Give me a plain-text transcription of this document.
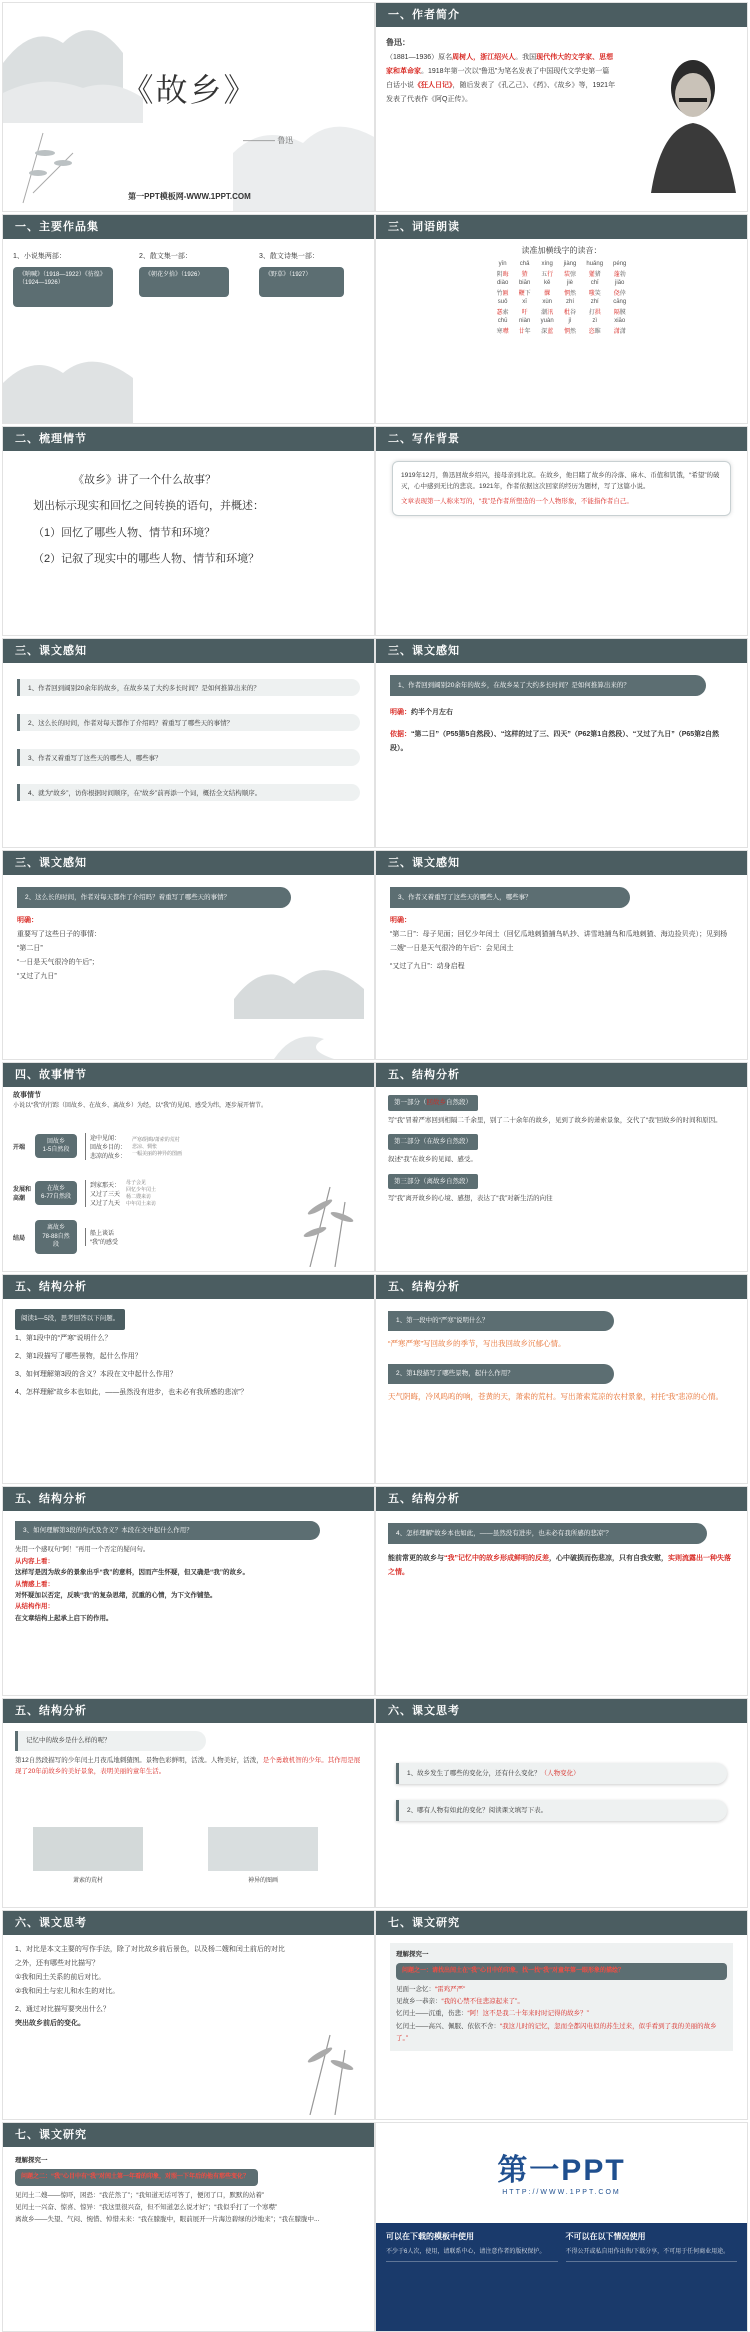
《故乡》
———— 鲁迅
第一PPT模板网-WWW.1PPT.COM
一、作者简介
鲁迅：
（1881—1936）原名周树人，浙江绍兴人。我国现代伟大的文学家、思想家和革命家。1918年第一次以“鲁迅”为笔名发表了中国现代文学史第一篇白话小说《狂人日记》，随后发表了《孔乙己》、《药》、《故乡》等，1921年发表了代表作《阿Q正传》。
一、主要作品集
1、小说集两部：
《呐喊》（1918—1922）《彷徨》（1924—1926）
2、散文集一部：
《朝花夕拾》（1926）
3、散文诗集一部：
《野草》（1927）
三、词语朗读
读准加横线字的读音：
yīn	chǎ	xíng	jiàng	huǎng	péng
阴晦	猹	五行	装弶	獾猪	蓬勃
diào	biān	kě	jiè	chī	jiǎo
竹匾	鞭下	髁	惘然	嗤笑	侥倖
suǒ	xī	xùn	zhí	zhí	cāng
瑟索	吁	潮汛	秕谷	打拱	隔膜
chū	niàn	yuàn	jì	zì	xiāo
寒噤	廿年	深蓝	惘然	恣睢	潇潇
二、梳理情节
《故乡》讲了一个什么故事？
划出标示现实和回忆之间转换的语句，并概述：
（1）回忆了哪些人物、情节和环境？
（2）记叙了现实中的哪些人物、情节和环境？
二、写作背景
1919年12月，鲁迅回故乡绍兴，接母亲到北京。在故乡，他目睹了故乡的冷落、麻木、币值和饥饿，“希望”的破灭，心中感到无比的悲哀。1921年，作者依据这次回家的经历为题材，写了这篇小说。
文章表现第一人称来写的，“我”是作者所塑造的一个人物形象，不能指作者自己。
三、课文感知
1、作者回到阔别20余年的故乡，在故乡呆了大约多长时间？是如何推算出来的？
2、这么长的时间，作者对每天都作了介绍吗？着重写了哪些天的事情？
3、作者又着重写了这些天的哪些人，哪些事？
4、就为“故乡”，访你根据时间顺序，在“故乡”前再添一个词，概括全文结构顺序。
三、课文感知
1、作者回到阔别20余年的故乡，在故乡呆了大约多长时间？是如何推算出来的？
明确：约半个月左右
依据：“第二日”（P55第5自然段）、“这样的过了三、四天”（P62第1自然段）、“又过了九日”（P65第2自然段）。
三、课文感知
2、这么长的时间，作者对每天都作了介绍吗？着重写了哪些天的事情？
明确：
重要写了这些日子的事情：
“第二日”
“一日是天气很冷的午后”；
“又过了九日”
三、课文感知
3、作者又着重写了这些天的哪些人，哪些事？
明确：
“第二日”：母子见面；回忆少年闰土（回忆瓜地刺猹捕鸟叭抄、讲雪地捕鸟和瓜地刺猹、海边捡贝壳）；见到杨二嫂“一日是天气很冷的午后”：会见闰土
“又过了九日”：动身启程
四、故事情节
故事情节
小说以“我”的行踪（回故乡、在故乡、离故乡）为经，以“我”的见闻、感受为纬，逐步展开情节。
开端
回故乡
1-5自然段
途中见闻：
回故乡目的：
悲凉的故乡：
严寒/阴晦/萧索的荒村
悲凉、惆怅
一幅美丽的神异的图画
发展和高潮
在故乡
6-77自然段
到家那天：
又过了三天
又过了九天
母子会见
回忆少年闰土
杨二嫂来访
中年闰土来访
结局
离故乡
78-88自然段
船上谈话
“我”的感受
五、结构分析
第一部分（回故乡自然段）
写“我”冒着严寒回到相隔二千余里，别了二十余年的故乡，见到了故乡的萧索景象，交代了“我”回故乡的时间和原因。
第二部分（在故乡自然段）
叙述“我”在故乡的见闻、感受。
第三部分（离故乡自然段）
写“我”离开故乡的心境、感想，表达了“我”对新生活的向往
五、结构分析
阅读1—5段，思考回答以下问题。
1、第1段中的“严寒”说明什么？
2、第1段描写了哪些景物，起什么作用？
3、如何理解第3段的含义？本段在文中起什么作用？
4、怎样理解“故乡本也如此，——虽然没有进步，也未必有我所感的悲凉”？
五、结构分析
1、第一段中的“严寒”说明什么？
“严寒严寒”写回故乡的季节，写出我回故乡沉郁心情。
2、第1段描写了哪些景物，起什么作用？
天气阴晦，冷风呜呜的响，苍黄的天，萧索的荒村。写出萧索荒凉的农村景象，衬托“我”悲凉的心情。
五、结构分析
3、如何理解第3段的句式及含义？本段在文中起什么作用？
先用一个感叹句“阿！”再用一个否定的疑问句。
从内容上看：
这样写是因为故乡的景象出乎“我”的意料，因而产生怀疑，但又确是“我”的故乡。
从情感上看：
对怀疑加以否定，反映“我”的复杂思绪，沉重的心情，为下文作铺垫。
从结构作用：
在文章结构上起承上启下的作用。
五、结构分析
4、怎样理解“故乡本也如此，——虽然没有进步，也未必有我所感的悲凉”？
能前常更的故乡与“我”记忆中的故乡形成鲜明的反差，心中破损而伤悲凉，只有自我安慰，实则流露出一种失落之情。
五、结构分析
记忆中的故乡是什么样的呢？
第12自然段描写的少年闰土月夜瓜地刺猹图。景物色彩鲜明，活泼。人物美好，活泼，是个勇敢机智的少年。其作用是展现了20年前故乡的美好景象，表明美丽的童年生活。
萧索的荒村	神异的图画
六、课文思考
1、故乡发生了哪些的变化分，还有什么变化？（人物变化）
2、哪有人物有如此的变化？阅读课文填写下表。
六、课文思考
1、对比是本文主要的写作手法，除了对比故乡前后景色，以及杨二嫂和闰土前后的对比之外，还有哪些对比描写？
①我和闰土关系的前后对比。
②我和闰土与宏儿和水生的对比。
2、通过对比描写要突出什么？
突出故乡前后的变化。
七、课文研究
理解探究一
问题之一：请找出闰土在“我”心目中的印象，找一找“我”对童年第一眼形象的描绘？
见面一念忆：“雷鸡严严”
见故乡一恭亲：“我的心禁不住悲凉起来了”。
忆闰土——沉重，伤悲：“阿！这不是我二十年来时时记得的故乡？”
忆闰土——高兴、佩服、依依不舍：“我这儿时的记忆，忽而全都闪电似的苏生过来，似乎看到了我的美丽的故乡了。”
七、课文研究
理解探究一
问题之二：“我”心目中有“我”对闰土第一年看的印象，对照一下年后的他有那些变化？
见闰土二嫂——惊吓，困恐：“我茫然了”；“我知道无话可答了，便闭了口，默默的站着”
见闰土一兴奋、惊喜、惊异：“我这里很兴奋，但不知道怎么说才好”；“我似乎打了一个寒噤”
离故乡——失望、气闷、惋惜、悼惜未来：“我在朦胧中，眼前展开一片海边碧绿的沙地来”；“我在朦胧中...
第一PPT
HTTP://WWW.1PPT.COM
可以在下载的模板中使用
不少于6人次，使用，请联系中心，请注意作者的版权保护。
不可以在以下情况使用
不得公开或私自用作出售/下载分享，不可用于任何商业用途。
